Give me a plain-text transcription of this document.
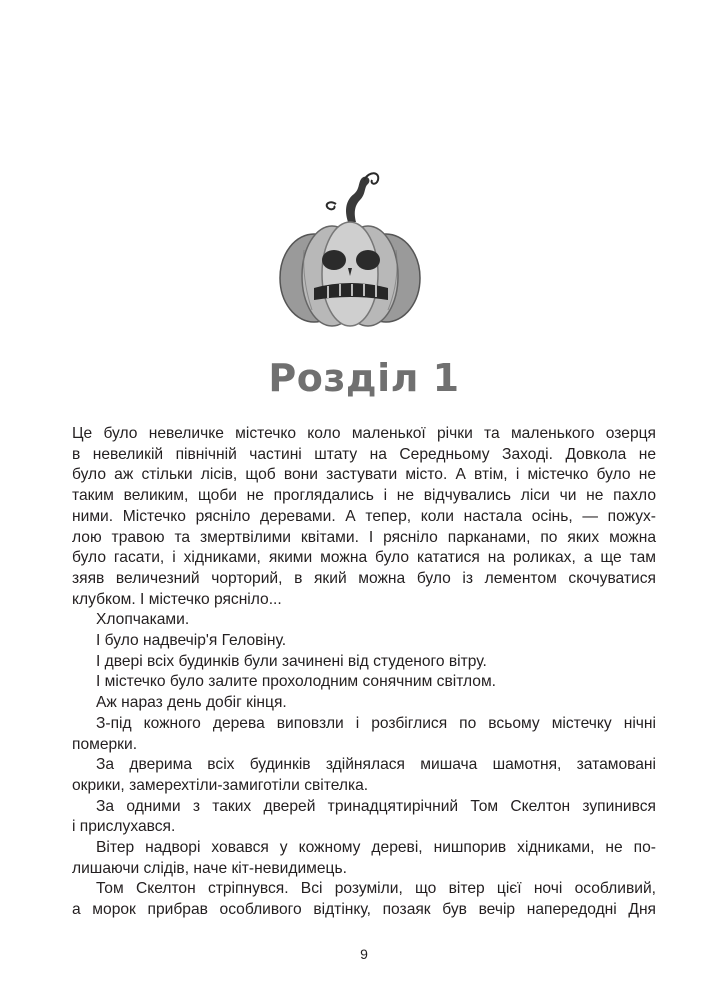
Розділ 1

Це було невеличке містечко коло маленької річки та маленького озерця

в невеликій північній частині штату на Середньому Заході. Довкола не

було аж стільки лісів, щоб вони застувати місто. А втім, і містечко було не

таким великим, щоби не проглядались і не відчувались ліси чи не пахло

ними. Містечко рясніло деревами. А тепер, коли настала осінь, — пожух-

лою травою та змертвілими квітами. І рясніло парканами, по яких можна

було гасати, і хідниками, якими можна було кататися на роликах, а ще там

зяяв величезний чорторий, в який можна було із лементом скочуватися

клубком. І містечко рясніло...

Хлопчаками.

І було надвечір'я Геловіну.

І двері всіх будинків були зачинені від студеного вітру.

І містечко було залите прохолодним сонячним світлом.

Аж нараз день добіг кінця.

З-під кожного дерева виповзли і розбіглися по всьому містечку нічні

померки.

За дверима всіх будинків здійнялася мишача шамотня, затамовані

окрики, замерехтіли-замиготіли світелка.

За одними з таких дверей тринадцятирічний Том Скелтон зупинився

і прислухався.

Вітер надворі ховався у кожному дереві, нишпорив хідниками, не по-

лишаючи слідів, наче кіт-невидимець.

Том Скелтон стріпнувся. Всі розуміли, що вітер цієї ночі особливий,

а морок прибрав особливого відтінку, позаяк був вечір напередодні Дня

9
